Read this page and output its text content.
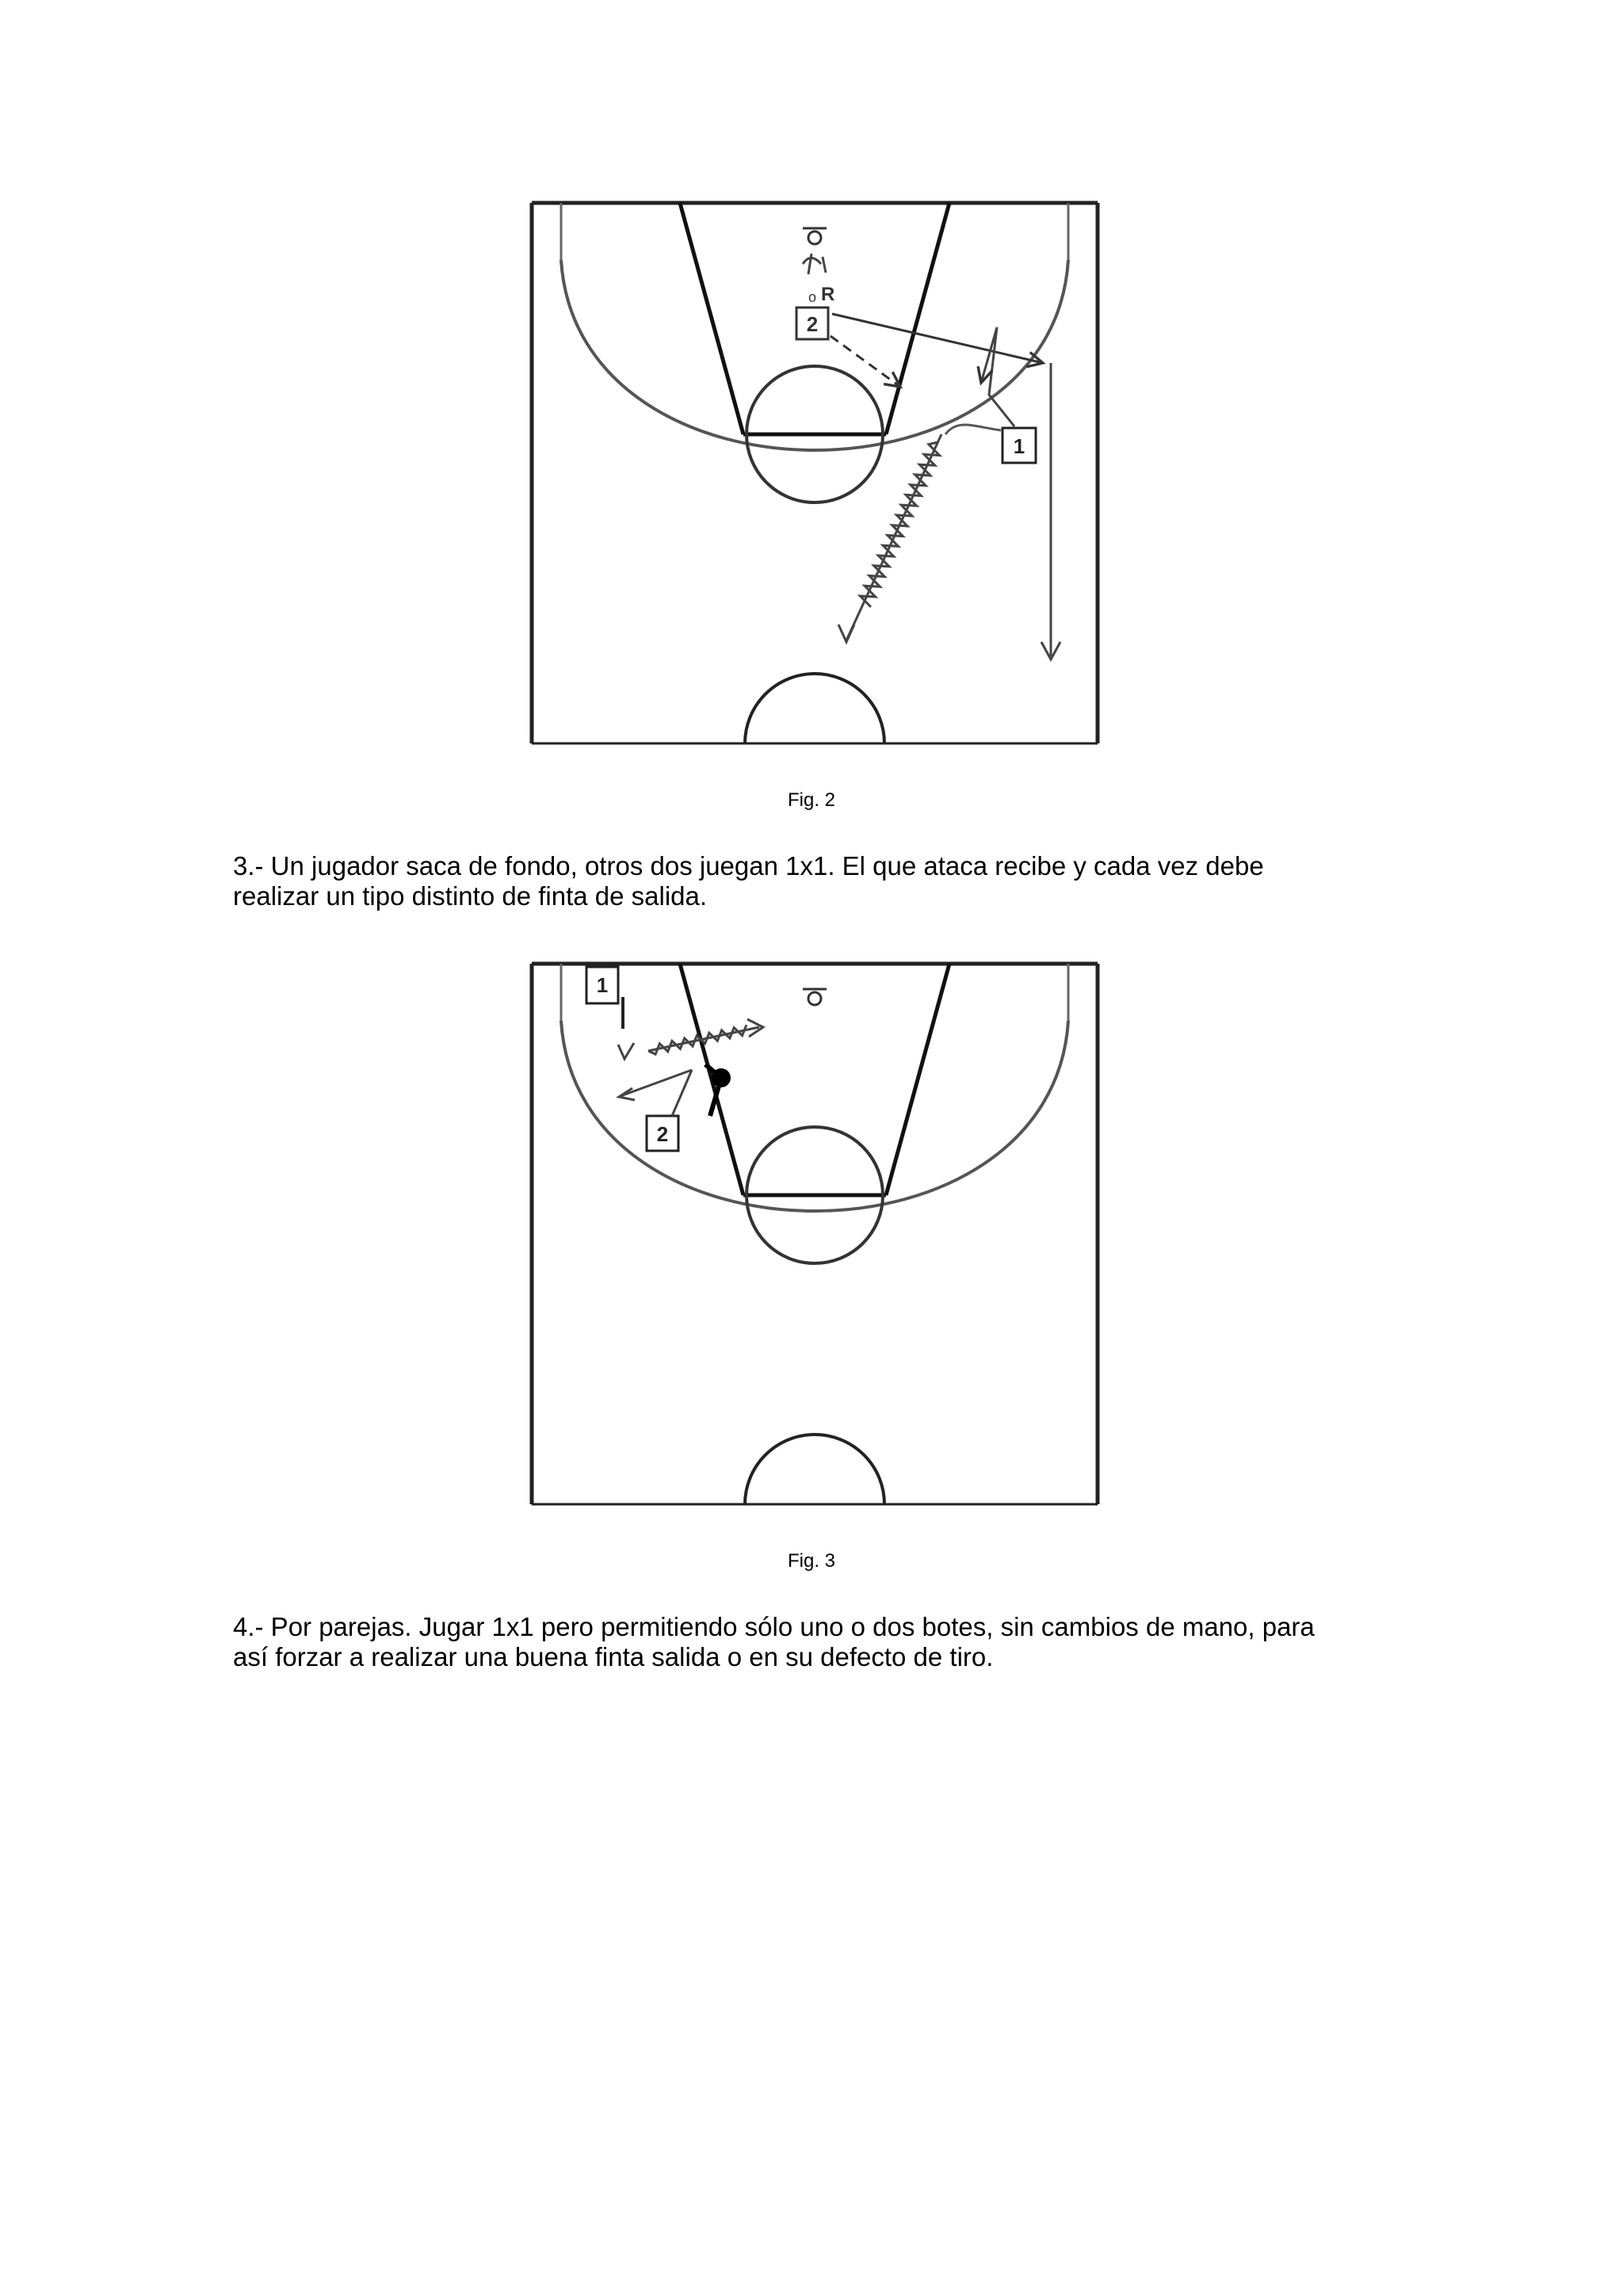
o R
2
1
Fig. 2

3.- Un jugador saca de fondo, otros dos juegan 1x1. El que ataca recibe y cada vez debe
realizar un tipo distinto de finta de salida.

1
2
Fig. 3

4.- Por parejas. Jugar 1x1 pero permitiendo sólo uno o dos botes, sin cambios de mano, para
así forzar a realizar una buena finta salida o en su defecto de tiro.
